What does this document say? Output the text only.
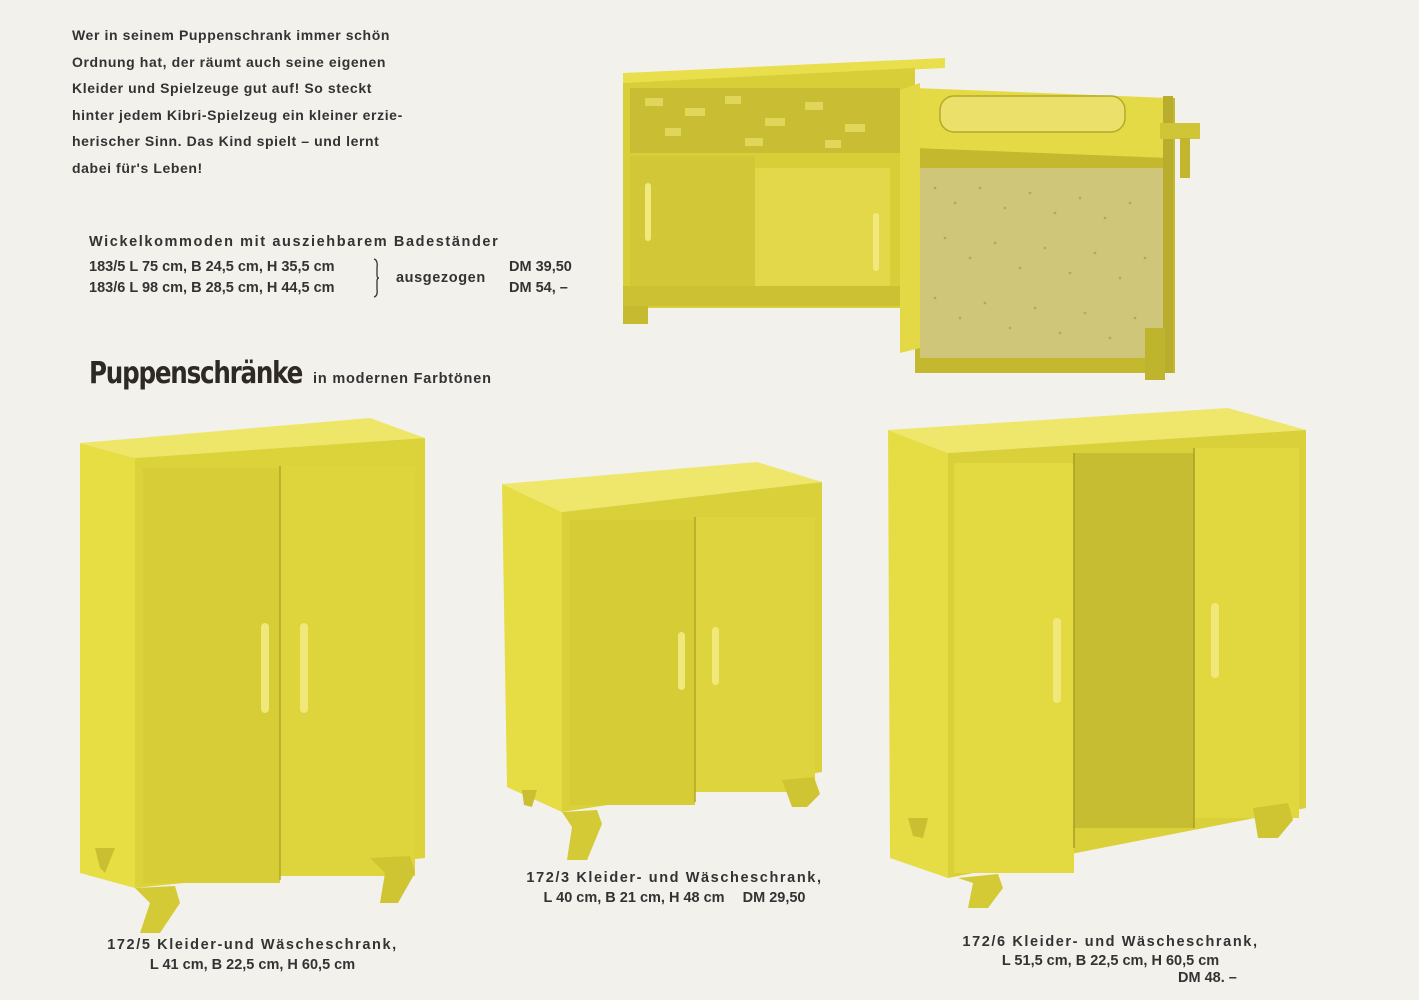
Wer in seinem Puppenschrank immer schön
Ordnung hat, der räumt auch seine eigenen
Kleider und Spielzeuge gut auf! So steckt
hinter jedem Kibri-Spielzeug ein kleiner erzie-
herischer Sinn. Das Kind spielt – und lernt
dabei für's Leben!
Wickelkommoden mit ausziehbarem Badeständer
183/5 L 75 cm, B 24,5 cm, H 35,5 cm
183/6 L 98 cm, B 28,5 cm, H 44,5 cm
ausgezogen
DM 39,50
DM 54, –
Puppenschränke in modernen Farbtönen
172/5 Kleider-und Wäscheschrank,
L 41 cm, B 22,5 cm, H 60,5 cm
172/3 Kleider- und Wäscheschrank,
L 40 cm, B 21 cm, H 48 cm DM 29,50
172/6 Kleider- und Wäscheschrank,
L 51,5 cm, B 22,5 cm, H 60,5 cm
DM 48. –
